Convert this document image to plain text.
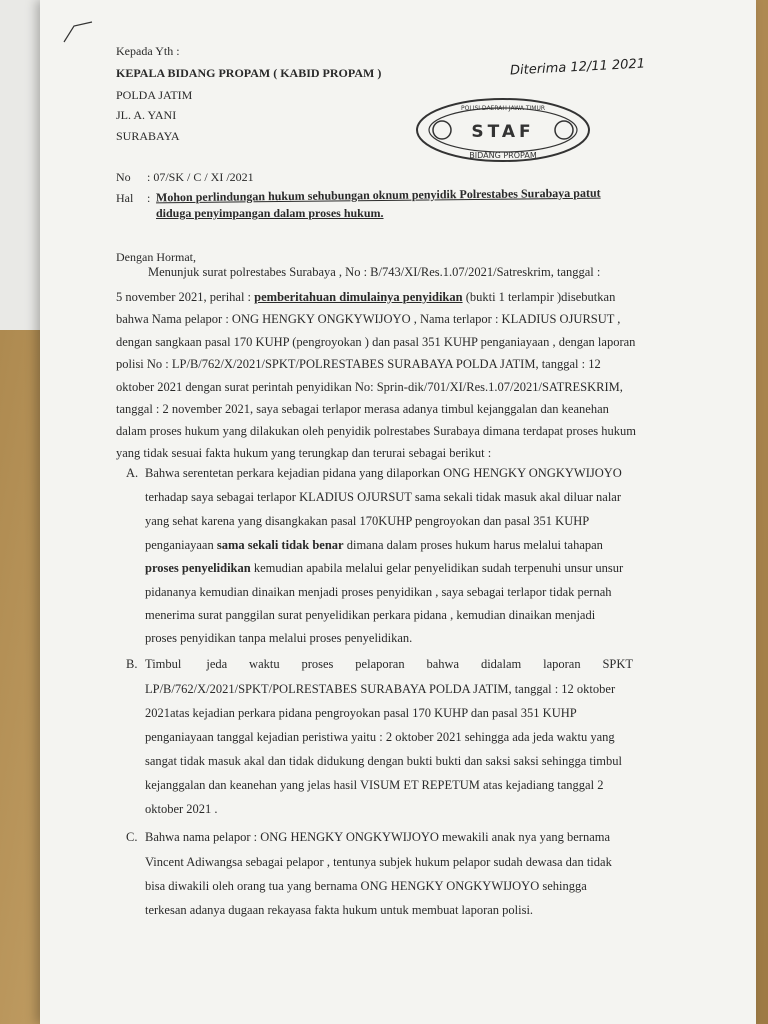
Kepada Yth :
KEPALA BIDANG PROPAM ( KABID PROPAM )
POLDA JATIM
JL. A. YANI
SURABAYA
Diterima 12/11 2021
POLISI DAERAH JAWA TIMUR
STAF
BIDANG PROPAM
No : 07/SK / C / XI /2021
Hal : Mohon perlindungan hukum sehubungan oknum penyidik Polrestabes Surabaya patut
diduga penyimpangan dalam proses hukum.
Dengan Hormat,
Menunjuk surat polrestabes Surabaya , No : B/743/XI/Res.1.07/2021/Satreskrim, tanggal :
5 november 2021, perihal : pemberitahuan dimulainya penyidikan (bukti 1 terlampir )disebutkan
bahwa Nama pelapor : ONG HENGKY ONGKYWIJOYO , Nama terlapor : KLADIUS OJURSUT ,
dengan sangkaan pasal 170 KUHP (pengroyokan ) dan pasal 351 KUHP penganiayaan , dengan laporan
polisi No : LP/B/762/X/2021/SPKT/POLRESTABES SURABAYA POLDA JATIM, tanggal : 12
oktober 2021 dengan surat perintah penyidikan No: Sprin-dik/701/XI/Res.1.07/2021/SATRESKRIM,
tanggal : 2 november 2021, saya sebagai terlapor merasa adanya timbul kejanggalan dan keanehan
dalam proses hukum yang dilakukan oleh penyidik polrestabes Surabaya dimana terdapat proses hukum
yang tidak sesuai fakta hukum yang terungkap dan terurai sebagai berikut :
A. Bahwa serentetan perkara kejadian pidana yang dilaporkan ONG HENGKY ONGKYWIJOYO
terhadap saya sebagai terlapor KLADIUS OJURSUT sama sekali tidak masuk akal diluar nalar
yang sehat karena yang disangkakan pasal 170KUHP pengroyokan dan pasal 351 KUHP
penganiayaan sama sekali tidak benar dimana dalam proses hukum harus melalui tahapan
proses penyelidikan kemudian apabila melalui gelar penyelidikan sudah terpenuhi unsur unsur
pidananya kemudian dinaikan menjadi proses penyidikan , saya sebagai terlapor tidak pernah
menerima surat panggilan surat penyelidikan perkara pidana , kemudian dinaikan menjadi
proses penyidikan tanpa melalui proses penyelidikan.
B. Timbul        jeda       waktu       proses       pelaporan       bahwa       didalam       laporan       SPKT
LP/B/762/X/2021/SPKT/POLRESTABES SURABAYA POLDA JATIM, tanggal : 12 oktober
2021atas kejadian perkara pidana pengroyokan pasal 170 KUHP dan pasal 351 KUHP
penganiayaan tanggal kejadian peristiwa yaitu : 2 oktober 2021 sehingga ada jeda waktu yang
sangat tidak masuk akal dan tidak didukung dengan bukti bukti dan saksi saksi sehingga timbul
kejanggalan dan keanehan yang jelas hasil VISUM ET REPETUM atas kejadiang tanggal 2
oktober 2021 .
C. Bahwa nama pelapor : ONG HENGKY ONGKYWIJOYO mewakili anak nya yang bernama
Vincent Adiwangsa sebagai pelapor , tentunya subjek hukum pelapor sudah dewasa dan tidak
bisa diwakili oleh orang tua yang bernama ONG HENGKY ONGKYWIJOYO sehingga
terkesan adanya dugaan rekayasa fakta hukum untuk membuat laporan polisi.
